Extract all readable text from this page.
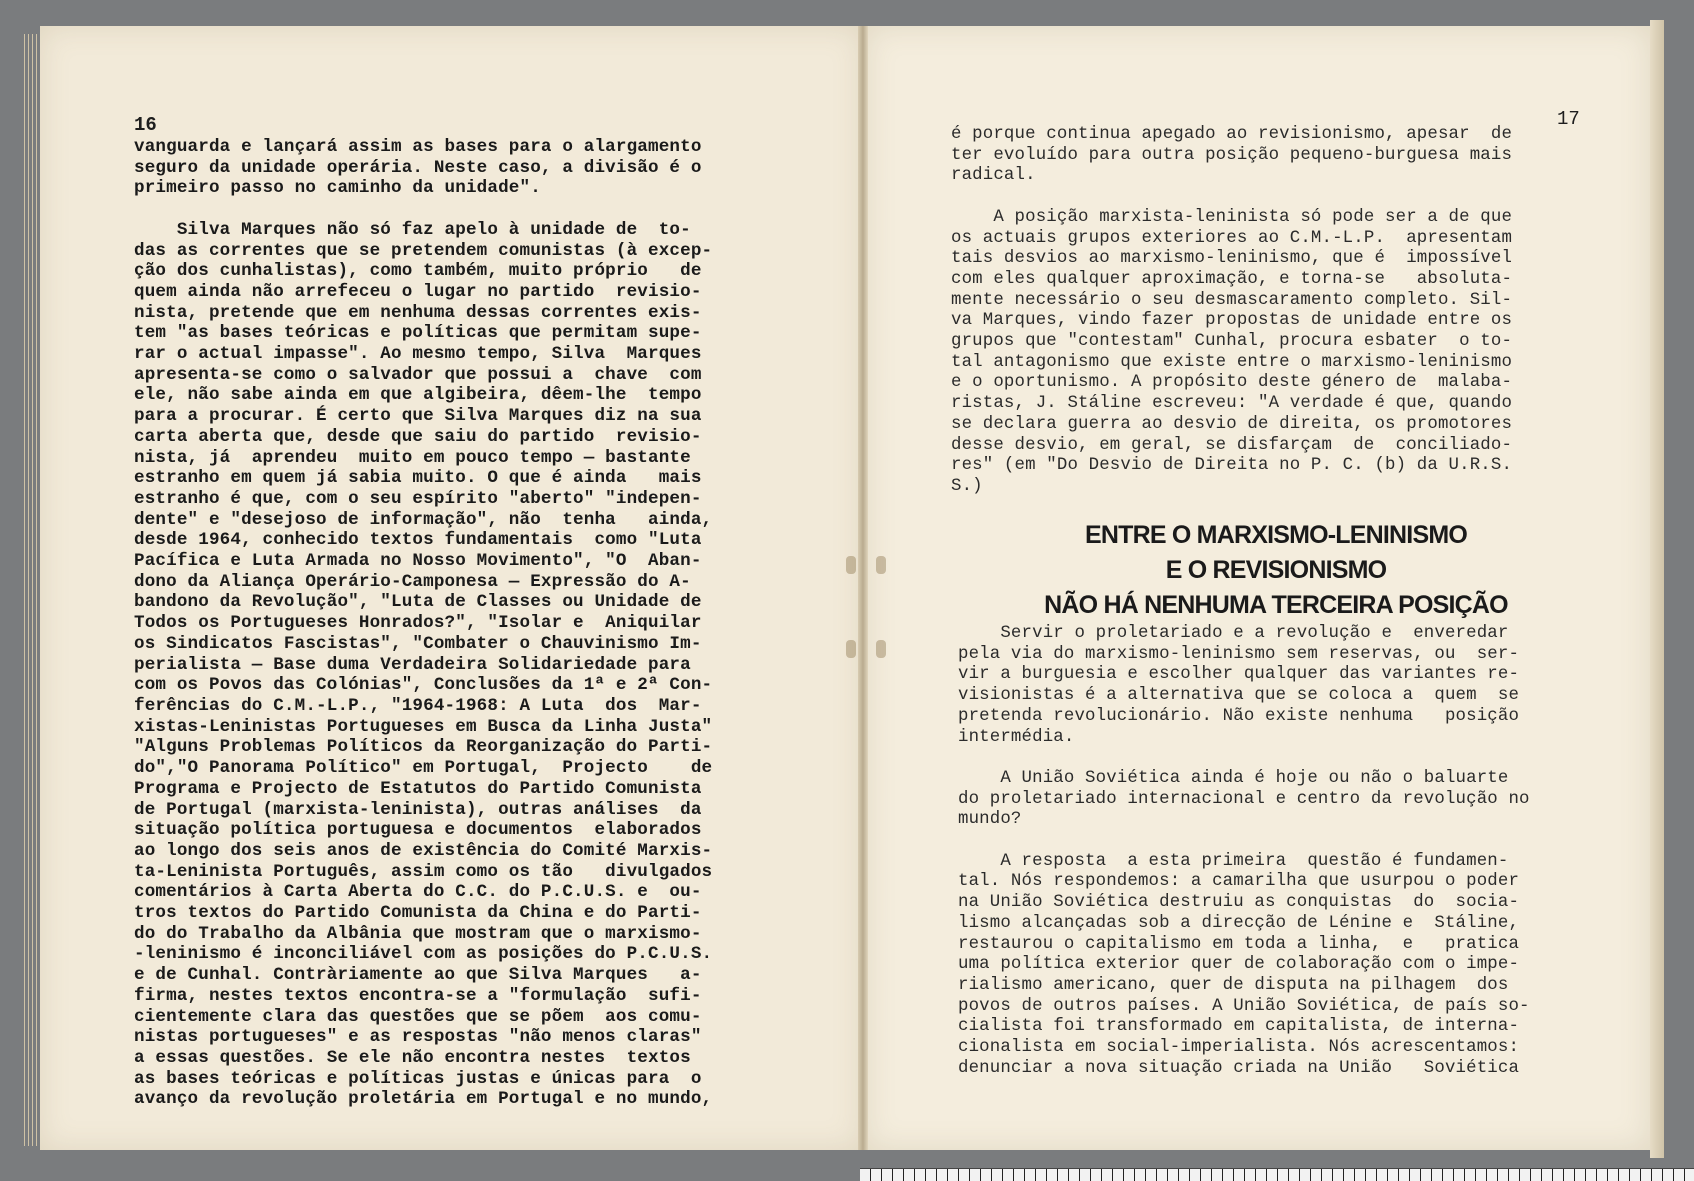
16	17
vanguarda e lançará assim as bases para o alargamento
seguro da unidade operária. Neste caso, a divisão é o
primeiro passo no caminho da unidade".

Silva Marques não só faz apelo à unidade de  to-
das as correntes que se pretendem comunistas (à excep-
ção dos cunhalistas), como também, muito próprio   de
quem ainda não arrefeceu o lugar no partido  revisio-
nista, pretende que em nenhuma dessas correntes exis-
tem "as bases teóricas e políticas que permitam supe-
rar o actual impasse". Ao mesmo tempo, Silva  Marques
apresenta-se como o salvador que possui a  chave  com
ele, não sabe ainda em que algibeira, dêem-lhe  tempo
para a procurar. É certo que Silva Marques diz na sua
carta aberta que, desde que saiu do partido  revisio-
nista, já  aprendeu  muito em pouco tempo — bastante
estranho em quem já sabia muito. O que é ainda   mais
estranho é que, com o seu espírito "aberto" "indepen-
dente" e "desejoso de informação", não  tenha   ainda,
desde 1964, conhecido textos fundamentais  como "Luta
Pacífica e Luta Armada no Nosso Movimento", "O  Aban-
dono da Aliança Operário-Camponesa — Expressão do A-
bandono da Revolução", "Luta de Classes ou Unidade de
Todos os Portugueses Honrados?", "Isolar e  Aniquilar
os Sindicatos Fascistas", "Combater o Chauvinismo Im-
perialista — Base duma Verdadeira Solidariedade para
com os Povos das Colónias", Conclusões da 1ª e 2ª Con-
ferências do C.M.-L.P., "1964-1968: A Luta  dos  Mar-
xistas-Leninistas Portugueses em Busca da Linha Justa"
"Alguns Problemas Políticos da Reorganização do Parti-
do","O Panorama Político" em Portugal,  Projecto    de
Programa e Projecto de Estatutos do Partido Comunista
de Portugal (marxista-leninista), outras análises  da
situação política portuguesa e documentos  elaborados
ao longo dos seis anos de existência do Comité Marxis-
ta-Leninista Português, assim como os tão   divulgados
comentários à Carta Aberta do C.C. do P.C.U.S. e  ou-
tros textos do Partido Comunista da China e do Parti-
do do Trabalho da Albânia que mostram que o marxismo-
-leninismo é inconciliável com as posições do P.C.U.S.
e de Cunhal. Contràriamente ao que Silva Marques   a-
firma, nestes textos encontra-se a "formulação  sufi-
cientemente clara das questões que se põem  aos comu-
nistas portugueses" e as respostas "não menos claras"
a essas questões. Se ele não encontra nestes  textos
as bases teóricas e políticas justas e únicas para  o
avanço da revolução proletária em Portugal e no mundo,
é porque continua apegado ao revisionismo, apesar  de
ter evoluído para outra posição pequeno-burguesa mais
radical.

A posição marxista-leninista só pode ser a de que
os actuais grupos exteriores ao C.M.-L.P.  apresentam
tais desvios ao marxismo-leninismo, que é  impossível
com eles qualquer aproximação, e torna-se   absoluta-
mente necessário o seu desmascaramento completo. Sil-
va Marques, vindo fazer propostas de unidade entre os
grupos que "contestam" Cunhal, procura esbater  o to-
tal antagonismo que existe entre o marxismo-leninismo
e o oportunismo. A propósito deste género de  malaba-
ristas, J. Stáline escreveu: "A verdade é que, quando
se declara guerra ao desvio de direita, os promotores
desse desvio, em geral, se disfarçam  de  conciliado-
res" (em "Do Desvio de Direita no P. C. (b) da U.R.S.
S.)
ENTRE O MARXISMO-LENINISMO
E O REVISIONISMO
NÃO HÁ NENHUMA TERCEIRA POSIÇÃO
Servir o proletariado e a revolução e  enveredar
pela via do marxismo-leninismo sem reservas, ou  ser-
vir a burguesia e escolher qualquer das variantes re-
visionistas é a alternativa que se coloca a  quem  se
pretenda revolucionário. Não existe nenhuma   posição
intermédia.

A União Soviética ainda é hoje ou não o baluarte
do proletariado internacional e centro da revolução no
mundo?

A resposta  a esta primeira  questão é fundamen-
tal. Nós respondemos: a camarilha que usurpou o poder
na União Soviética destruiu as conquistas  do  socia-
lismo alcançadas sob a direcção de Lénine e  Stáline,
restaurou o capitalismo em toda a linha,  e   pratica
uma política exterior quer de colaboração com o impe-
rialismo americano, quer de disputa na pilhagem  dos
povos de outros países. A União Soviética, de país so-
cialista foi transformado em capitalista, de interna-
cionalista em social-imperialista. Nós acrescentamos:
denunciar a nova situação criada na União   Soviética
